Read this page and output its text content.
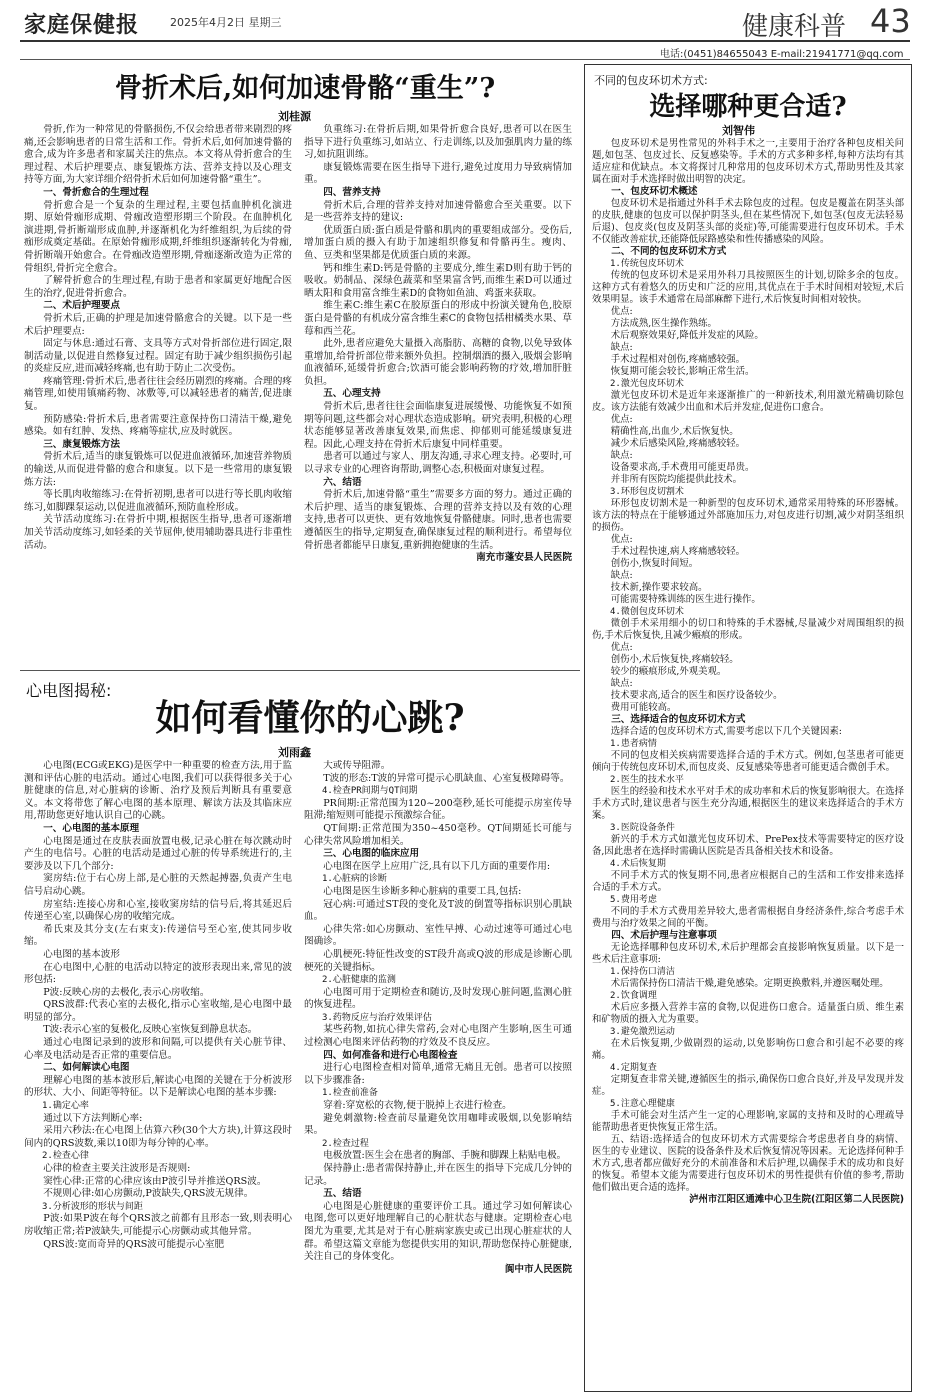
家庭保健报	2025年4月2日 星期三	健康科普 43
电话:(0451)84655043 E-mail:21941771@qq.com
骨折术后,如何加速骨骼“重生”?
刘桂源

骨折,作为一种常见的骨骼损伤,不仅会给患者带来剧烈的疼痛,还会影响患者的日常生活和工作。骨折术后,如何加速骨骼的愈合,成为许多患者和家属关注的焦点。本文将从骨折愈合的生理过程、术后护理要点、康复锻炼方法、营养支持以及心理支持等方面,为大家详细介绍骨折术后如何加速骨骼“重生”。

一、骨折愈合的生理过程

骨折愈合是一个复杂的生理过程,主要包括血肿机化演进期、原始骨痂形成期、骨痂改造塑形期三个阶段。在血肿机化演进期,骨折断端形成血肿,并逐渐机化为纤维组织,为后续的骨痂形成奠定基础。在原始骨痂形成期,纤维组织逐渐转化为骨痂,骨折断端开始愈合。在骨痂改造塑形期,骨痂逐渐改造为正常的骨组织,骨折完全愈合。

了解骨折愈合的生理过程,有助于患者和家属更好地配合医生的治疗,促进骨折愈合。

二、术后护理要点

骨折术后,正确的护理是加速骨骼愈合的关键。以下是一些术后护理要点:

固定与休息:通过石膏、支具等方式对骨折部位进行固定,限制活动量,以促进自然修复过程。固定有助于减少组织损伤引起的炎症反应,进而减轻疼痛,也有助于防止二次受伤。

疼痛管理:骨折术后,患者往往会经历剧烈的疼痛。合理的疼痛管理,如使用镇痛药物、冰敷等,可以减轻患者的痛苦,促进康复。

预防感染:骨折术后,患者需要注意保持伤口清洁干燥,避免感染。如有红肿、发热、疼痛等症状,应及时就医。

三、康复锻炼方法

骨折术后,适当的康复锻炼可以促进血液循环,加速营养物质的输送,从而促进骨骼的愈合和康复。以下是一些常用的康复锻炼方法:

等长肌肉收缩练习:在骨折初期,患者可以进行等长肌肉收缩练习,如脚踝泵运动,以促进血液循环,预防血栓形成。

关节活动度练习:在骨折中期,根据医生指导,患者可逐渐增加关节活动度练习,如轻柔的关节屈伸,使用辅助器具进行非重性活动。

负重练习:在骨折后期,如果骨折愈合良好,患者可以在医生指导下进行负重练习,如站立、行走训练,以及加强肌肉力量的练习,如抗阻训练。

康复锻炼需要在医生指导下进行,避免过度用力导致病情加重。

四、营养支持

骨折术后,合理的营养支持对加速骨骼愈合至关重要。以下是一些营养支持的建议:

优质蛋白质:蛋白质是骨骼和肌肉的重要组成部分。受伤后,增加蛋白质的摄入有助于加速组织修复和骨骼再生。瘦肉、鱼、豆类和坚果都是优质蛋白质的来源。

钙和维生素D:钙是骨骼的主要成分,维生素D则有助于钙的吸收。奶制品、深绿色蔬菜和坚果富含钙,而维生素D可以通过晒太阳和食用富含维生素D的食物如鱼油、鸡蛋来获取。

维生素C:维生素C在胶原蛋白的形成中扮演关键角色,胶原蛋白是骨骼的有机成分富含维生素C的食物包括柑橘类水果、草莓和西兰花。

此外,患者应避免大量摄入高脂肪、高糖的食物,以免导致体重增加,给骨折部位带来额外负担。控制烟酒的摄入,吸烟会影响血液循环,延缓骨折愈合;饮酒可能会影响药物的疗效,增加肝脏负担。

五、心理支持

骨折术后,患者往往会面临康复进展缓慢、功能恢复不如预期等问题,这些都会对心理状态造成影响。研究表明,积极的心理状态能够显著改善康复效果,而焦虑、抑郁则可能延缓康复进程。因此,心理支持在骨折术后康复中同样重要。

患者可以通过与家人、朋友沟通,寻求心理支持。必要时,可以寻求专业的心理咨询帮助,调整心态,积极面对康复过程。

六、结语

骨折术后,加速骨骼“重生”需要多方面的努力。通过正确的术后护理、适当的康复锻炼、合理的营养支持以及有效的心理支持,患者可以更快、更有效地恢复骨骼健康。同时,患者也需要遵循医生的指导,定期复查,确保康复过程的顺利进行。希望每位骨折患者都能早日康复,重新拥抱健康的生活。

南充市蓬安县人民医院

心电图揭秘:
如何看懂你的心跳?
刘雨鑫

心电图(ECG或EKG)是医学中一种重要的检查方法,用于监测和评估心脏的电活动。通过心电图,我们可以获得很多关于心脏健康的信息,对心脏病的诊断、治疗及预后判断具有重要意义。本文将带您了解心电图的基本原理、解读方法及其临床应用,帮助您更好地认识自己的心跳。

一、心电图的基本原理

心电图是通过在皮肤表面放置电极,记录心脏在每次跳动时产生的电信号。心脏的电活动是通过心脏的传导系统进行的,主要涉及以下几个部分:

窦房结:位于右心房上部,是心脏的天然起搏器,负责产生电信号启动心跳。

房室结:连接心房和心室,接收窦房结的信号后,将其延迟后传递至心室,以确保心房的收缩完成。

希氏束及其分支(左右束支):传递信号至心室,使其同步收缩。

心电图的基本波形

在心电图中,心脏的电活动以特定的波形表现出来,常见的波形包括:

P波:反映心房的去极化,表示心房收缩。

QRS波群:代表心室的去极化,指示心室收缩,是心电图中最明显的部分。

T波:表示心室的复极化,反映心室恢复到静息状态。

通过心电图记录到的波形和间隔,可以提供有关心脏节律、心率及电活动是否正常的重要信息。

二、如何解读心电图

理解心电图的基本波形后,解读心电图的关键在于分析波形的形状、大小、间距等特征。以下是解读心电图的基本步骤:

1.确定心率

通过以下方法判断心率:

采用六秒法:在心电图上估算六秒(30个大方块),计算这段时间内的QRS波数,乘以10即为每分钟的心率。

2.检查心律

心律的检查主要关注波形是否规则:

窦性心律:正常的心律应该由P波引导并推送QRS波。

不规则心律:如心房颤动,P波缺失,QRS波无规律。

3.分析波形的形状与间距

P波:如果P波在每个QRS波之前都有且形态一致,则表明心房收缩正常;若P波缺失,可能提示心房颤动或其他异常。

QRS波:宽而奇异的QRS波可能提示心室肥

大或传导阻滞。

T波的形态:T波的异常可提示心肌缺血、心室复极障碍等。

4.检查PR间期与QT间期

PR间期:正常范围为120~200毫秒,延长可能提示房室传导阻滞;缩短则可能提示预激综合征。

QT间期:正常范围为350~450毫秒。QT间期延长可能与心律失常风险增加相关。

三、心电图的临床应用

心电图在医学上应用广泛,具有以下几方面的重要作用:

1.心脏病的诊断

心电图是医生诊断多种心脏病的重要工具,包括:

冠心病:可通过ST段的变化及T波的倒置等指标识别心肌缺血。

心律失常:如心房颤动、室性早搏、心动过速等可通过心电图确诊。

心肌梗死:特征性改变的ST段升高或Q波的形成是诊断心肌梗死的关键指标。

2.心脏健康的监测

心电图可用于定期检查和随访,及时发现心脏问题,监测心脏的恢复进程。

3.药物反应与治疗效果评估

某些药物,如抗心律失常药,会对心电图产生影响,医生可通过检测心电图来评估药物的疗效及不良反应。

四、如何准备和进行心电图检查

进行心电图检查相对简单,通常无痛且无创。患者可以按照以下步骤准备:

1.检查前准备

穿着:穿宽松的衣物,便于脱掉上衣进行检查。

避免刺激物:检查前尽量避免饮用咖啡或吸烟,以免影响结果。

2.检查过程

电极放置:医生会在患者的胸部、手腕和脚踝上粘贴电极。

保持静止:患者需保持静止,并在医生的指导下完成几分钟的记录。

五、结语

心电图是心脏健康的重要评价工具。通过学习如何解读心电图,您可以更好地理解自己的心脏状态与健康。定期检查心电图尤为重要,尤其是对于有心脏病家族史或已出现心脏症状的人群。希望这篇文章能为您提供实用的知识,帮助您保持心脏健康,关注自己的身体变化。

阆中市人民医院

不同的包皮环切术方式:
选择哪种更合适?
刘智伟

包皮环切术是男性常见的外科手术之一,主要用于治疗各种包皮相关问题,如包茎、包皮过长、反复感染等。手术的方式多种多样,每种方法均有其适应症和优缺点。本文将探讨几种常用的包皮环切术方式,帮助男性及其家属在面对手术选择时做出明智的决定。

一、包皮环切术概述

包皮环切术是指通过外科手术去除包皮的过程。包皮是覆盖在阴茎头部的皮肤,健康的包皮可以保护阴茎头,但在某些情况下,如包茎(包皮无法轻易后退)、包皮炎(包皮及阴茎头部的炎症)等,可能需要进行包皮环切术。手术不仅能改善症状,还能降低尿路感染和性传播感染的风险。

二、不同的包皮环切术方式

1.传统包皮环切术

传统的包皮环切术是采用外科刀具按照医生的计划,切除多余的包皮。这种方式有着悠久的历史和广泛的应用,其优点在于手术时间相对较短,术后效果明显。该手术通常在局部麻醉下进行,术后恢复时间相对较快。

优点:

方法成熟,医生操作熟练。

术后观察效果好,降低并发症的风险。

缺点:

手术过程相对创伤,疼痛感较强。

恢复期可能会较长,影响正常生活。

2.激光包皮环切术

激光包皮环切术是近年来逐渐推广的一种新技术,利用激光精确切除包皮。该方法能有效减少出血和术后并发症,促进伤口愈合。

优点:

精确性高,出血少,术后恢复快。

减少术后感染风险,疼痛感较轻。

缺点:

设备要求高,手术费用可能更昂贵。

并非所有医院均能提供此技术。

3.环形包皮切割术

环形包皮切割术是一种新型的包皮环切术,通常采用特殊的环形器械。该方法的特点在于能够通过外部施加压力,对包皮进行切割,减少对阴茎组织的损伤。

优点:

手术过程快速,病人疼痛感较轻。

创伤小,恢复时间短。

缺点:

技术新,操作要求较高。

可能需要特殊训练的医生进行操作。

4.微创包皮环切术

微创手术采用细小的切口和特殊的手术器械,尽量减少对周围组织的损伤,手术后恢复快,且减少瘢痕的形成。

优点:

创伤小,术后恢复快,疼痛较轻。

较少的瘢痕形成,外观美观。

缺点:

技术要求高,适合的医生和医疗设备较少。

费用可能较高。

三、选择适合的包皮环切术方式

选择合适的包皮环切术方式,需要考虑以下几个关键因素:

1.患者病情

不同的包皮相关疾病需要选择合适的手术方式。例如,包茎患者可能更倾向于传统包皮环切术,而包皮炎、反复感染等患者可能更适合微创手术。

2.医生的技术水平

医生的经验和技术水平对手术的成功率和术后的恢复影响很大。在选择手术方式时,建议患者与医生充分沟通,根据医生的建议来选择适合的手术方案。

3.医院设备条件

新兴的手术方式如激光包皮环切术、PrePex技术等需要特定的医疗设备,因此患者在选择时需确认医院是否具备相关技术和设备。

4.术后恢复期

不同手术方式的恢复期不同,患者应根据自己的生活和工作安排来选择合适的手术方式。

5.费用考虑

不同的手术方式费用差异较大,患者需根据自身经济条件,综合考虑手术费用与治疗效果之间的平衡。

四、术后护理与注意事项

无论选择哪种包皮环切术,术后护理都会直接影响恢复质量。以下是一些术后注意事项:

1.保持伤口清洁

术后需保持伤口清洁干燥,避免感染。定期更换敷料,并遵医嘱处理。

2.饮食调理

术后应多摄入营养丰富的食物,以促进伤口愈合。适量蛋白质、维生素和矿物质的摄入尤为重要。

3.避免激烈运动

在术后恢复期,少做剧烈的运动,以免影响伤口愈合和引起不必要的疼痛。

4.定期复查

定期复查非常关键,遵循医生的指示,确保伤口愈合良好,并及早发现并发症。

5.注意心理健康

手术可能会对生活产生一定的心理影响,家属的支持和及时的心理疏导能帮助患者更快恢复正常生活。

五、结语:选择适合的包皮环切术方式需要综合考虑患者自身的病情、医生的专业建议、医院的设备条件及术后恢复情况等因素。无论选择何种手术方式,患者都应做好充分的术前准备和术后护理,以确保手术的成功和良好的恢复。希望本文能为需要进行包皮环切术的男性提供有价值的参考,帮助他们做出更合适的选择。

泸州市江阳区通滩中心卫生院(江阳区第二人民医院)
